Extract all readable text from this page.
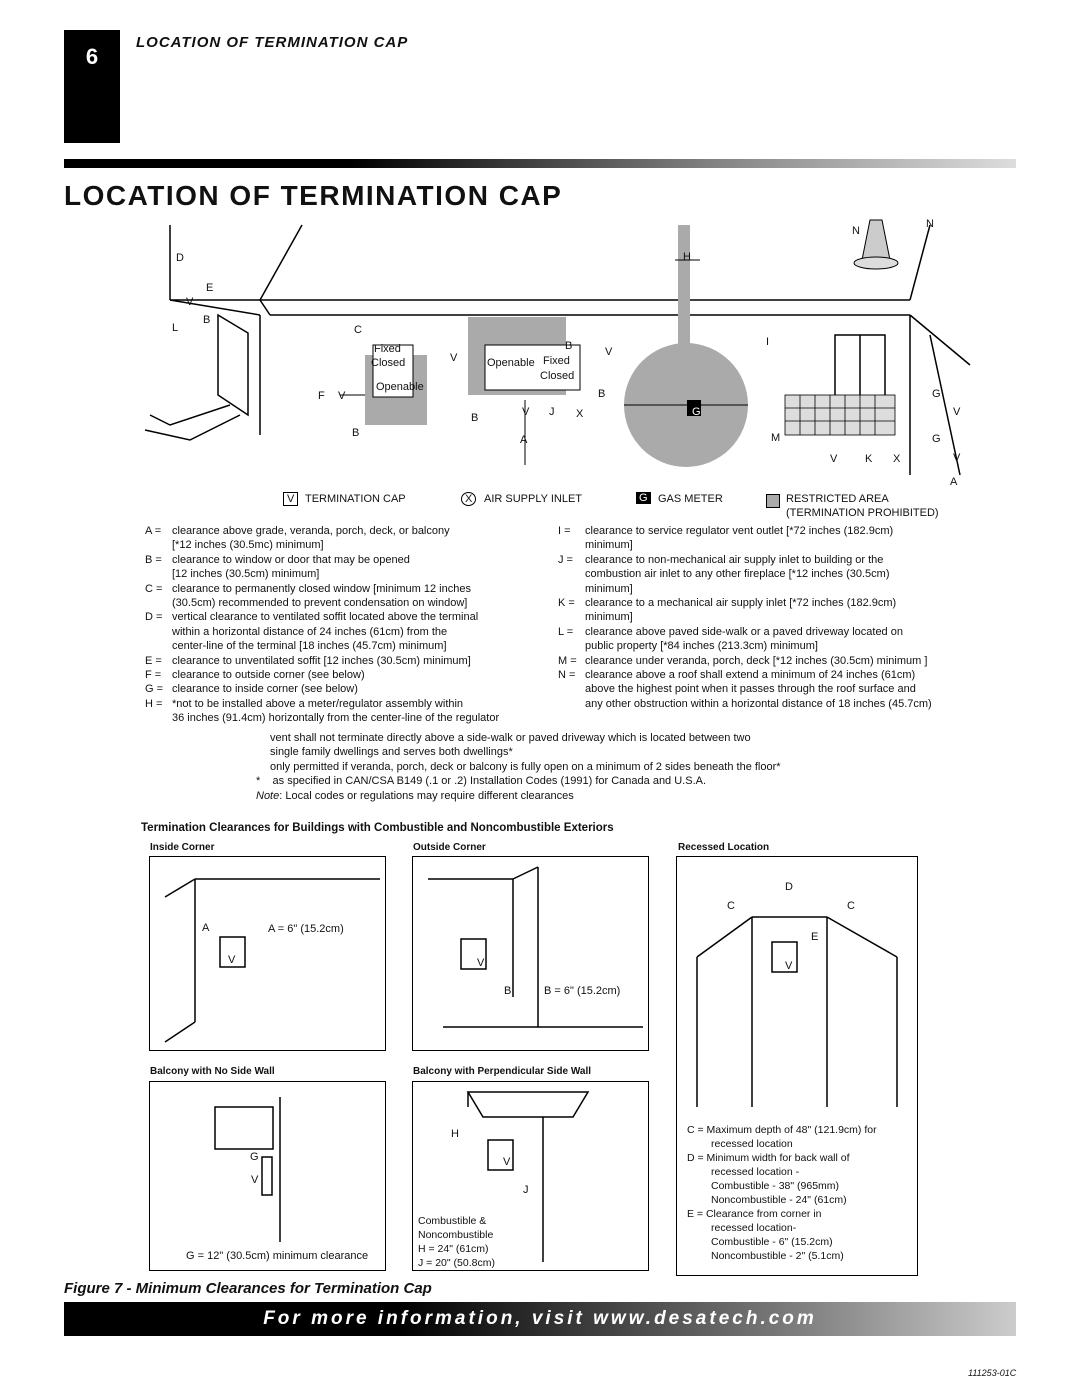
6
LOCATION OF TERMINATION CAP
LOCATION OF TERMINATION CAP
C
Fixed
Closed
Openable
F
B
V	Openable Fixed
Closed
B	V
B
B	V J X
A
V
H
N
N
I
G
M
V	K X
D
E
V
B
L
G
V
G
V
A
V TERMINATION CAP	X	AIR SUPPLY INLET	G GAS METER	RESTRICTED AREA
(TERMINATION PROHIBITED)
A = clearance above grade, veranda, porch, deck, or balcony
[*12 inches (30.5mc) minimum]
B = clearance to window or door that may be opened
[12 inches (30.5cm) minimum]
C = clearance to permanently closed window [minimum 12 inches
(30.5cm) recommended to prevent condensation on window]
D = vertical clearance to ventilated soffit located above the terminal
within a horizontal distance of 24 inches (61cm) from the
center-line of the terminal [18 inches (45.7cm) minimum]
E = clearance to unventilated soffit [12 inches (30.5cm) minimum]
F = clearance to outside corner (see below)
G = clearance to inside corner (see below)
H = *not to be installed above a meter/regulator assembly within
36 inches (91.4cm) horizontally from the center-line of the regulator
I =	clearance to service regulator vent outlet [*72 inches (182.9cm)
minimum]
J =	clearance to non-mechanical air supply inlet to building or the
combustion air inlet to any other fireplace [*12 inches (30.5cm)
minimum]
K = clearance to a mechanical air supply inlet [*72 inches (182.9cm)
minimum]
L =	clearance above paved side-walk or a paved driveway located on
public property [*84 inches (213.3cm) minimum]
M = clearance under veranda, porch, deck [*12 inches (30.5cm) minimum ]
N = clearance above a roof shall extend a minimum of 24 inches (61cm)
above the highest point when it passes through the roof surface and
any other obstruction within a horizontal distance of 18 inches (45.7cm)
vent shall not terminate directly above a side-walk or paved driveway which is located between two
single family dwellings and serves both dwellings*
only permitted if veranda, porch, deck or balcony is fully open on a minimum of 2 sides beneath the floor*
* as specified in CAN/CSA B149 (.1 or .2) Installation Codes (1991) for Canada and U.S.A.
Note: Local codes or regulations may require different clearances
Termination Clearances for Buildings with Combustible and Noncombustible Exteriors
Inside Corner	Outside Corner	Recessed Location
A
V
A = 6" (15.2cm)
V
B	B = 6" (15.2cm)
D
C	C
E
V
C = Maximum depth of 48" (121.9cm) for
recessed location
D = Minimum width for back wall of
recessed location -
Combustible - 38" (965mm)
Noncombustible - 24" (61cm)
E = Clearance from corner in
recessed location-
Combustible - 6" (15.2cm)
Noncombustible - 2" (5.1cm)
Balcony with No Side Wall
G
V
G = 12" (30.5cm) minimum clearance
Balcony with Perpendicular Side Wall
H
V
J
Combustible &
Noncombustible
H = 24" (61cm)
J = 20" (50.8cm)
Figure 7 - Minimum Clearances for Termination Cap
For more information, visit www.desatech.com
111253-01C
